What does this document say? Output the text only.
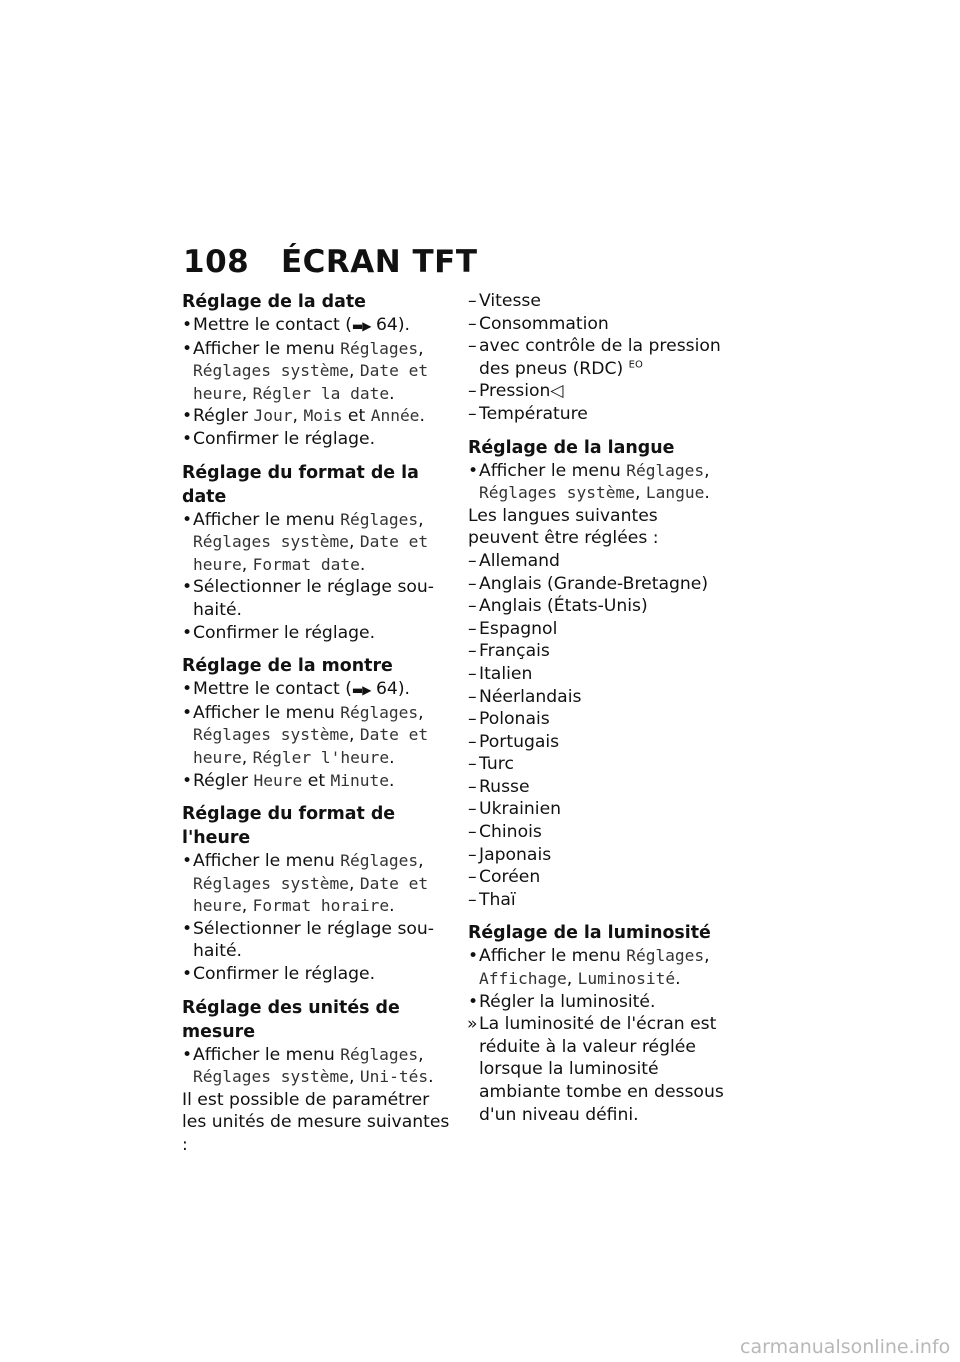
108 ÉCRAN TFT
Réglage de la date

• Mettre le contact (▬▶ 64).

• Afficher le menu Réglages, Réglages système, Date et heure, Régler la date.

• Régler Jour, Mois et Année.

• Confirmer le réglage.

Réglage du format de la date

• Afficher le menu Réglages, Réglages système, Date et heure, Format date.

• Sélectionner le réglage sou-haité.

• Confirmer le réglage.

Réglage de la montre

• Mettre le contact (▬▶ 64).

• Afficher le menu Réglages, Réglages système, Date et heure, Régler l'heure.

• Régler Heure et Minute.

Réglage du format de l'heure

• Afficher le menu Réglages, Réglages système, Date et heure, Format horaire.

• Sélectionner le réglage sou-haité.

• Confirmer le réglage.

Réglage des unités de mesure

• Afficher le menu Réglages, Réglages système, Uni-tés.

Il est possible de paramétrer les unités de mesure suivantes :

– Vitesse

– Consommation

– avec contrôle de la pression des pneus (RDC) $^{EO}$

– Pression◁

– Température

Réglage de la langue

• Afficher le menu Réglages, Réglages système, Langue.

Les langues suivantes peuvent être réglées :

– Allemand

– Anglais (Grande-Bretagne)

– Anglais (États-Unis)

– Espagnol

– Français

– Italien

– Néerlandais

– Polonais

– Portugais

– Turc

– Russe

– Ukrainien

– Chinois

– Japonais

– Coréen

– Thaï

Réglage de la luminosité

• Afficher le menu Réglages, Affichage, Luminosité.

• Régler la luminosité.

» La luminosité de l'écran est réduite à la valeur réglée lorsque la luminosité ambiante tombe en dessous d'un niveau défini.

carmanualsonline.info
